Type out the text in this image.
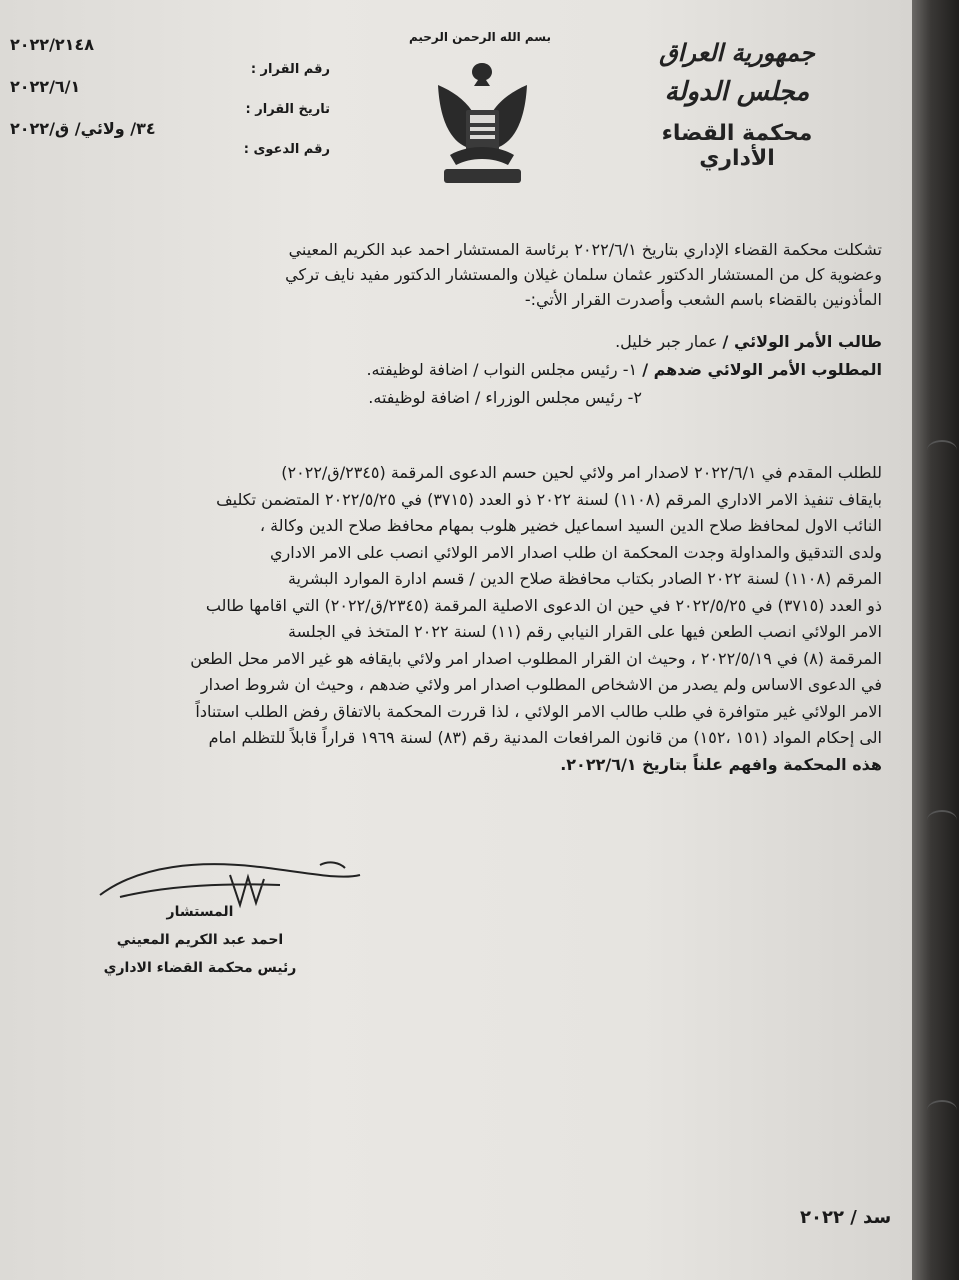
جمهورية العراق
مجلس الدولة
محكمة القضاء الأداري
بسم الله الرحمن الرحيم
رقم القرار :
تاريخ القرار :
رقم الدعوى :
٢٠٢٢/٢١٤٨
٢٠٢٢/٦/١
٣٤/ ولائي/ ق/٢٠٢٢
تشكلت محكمة القضاء الإداري بتاريخ ٢٠٢٢/٦/١ برئاسة المستشار احمد عبد الكريم المعيني
وعضوية كل من المستشار الدكتور عثمان سلمان غيلان والمستشار الدكتور مفيد نايف تركي
المأذونين بالقضاء باسم الشعب وأصدرت القرار الأتي:-
طالب الأمر الولائي / عمار جبر خليل.
المطلوب الأمر الولائي ضدهم / ١- رئيس مجلس النواب / اضافة لوظيفته.
٢- رئيس مجلس الوزراء / اضافة لوظيفته.
للطلب المقدم في ٢٠٢٢/٦/١ لاصدار امر ولائي لحين حسم الدعوى المرقمة (٢٣٤٥/ق/٢٠٢٢)
بايقاف تنفيذ الامر الاداري المرقم (١١٠٨) لسنة ٢٠٢٢ ذو العدد (٣٧١٥) في ٢٠٢٢/٥/٢٥ المتضمن تكليف
النائب الاول لمحافظ صلاح الدين السيد اسماعيل خضير هلوب بمهام محافظ صلاح الدين وكالة ،
ولدى التدقيق والمداولة وجدت المحكمة ان طلب اصدار الامر الولائي انصب على الامر الاداري
المرقم (١١٠٨) لسنة ٢٠٢٢ الصادر بكتاب محافظة صلاح الدين / قسم ادارة الموارد البشرية
ذو العدد (٣٧١٥) في ٢٠٢٢/٥/٢٥ في حين ان الدعوى الاصلية المرقمة (٢٣٤٥/ق/٢٠٢٢) التي اقامها طالب
الامر الولائي انصب الطعن فيها على القرار النيابي رقم (١١) لسنة ٢٠٢٢ المتخذ في الجلسة
المرقمة (٨) في ٢٠٢٢/٥/١٩ ، وحيث ان القرار المطلوب اصدار امر ولائي بايقافه هو غير الامر محل الطعن
في الدعوى الاساس ولم يصدر من الاشخاص المطلوب اصدار امر ولائي ضدهم ، وحيث ان شروط اصدار
الامر الولائي غير متوافرة في طلب طالب الامر الولائي ، لذا قررت المحكمة بالاتفاق رفض الطلب استناداً
الى إحكام المواد (١٥١ ،١٥٢) من قانون المرافعات المدنية رقم (٨٣) لسنة ١٩٦٩ قراراً قابلاً للتظلم امام
هذه المحكمة وافهم علناً بتاريخ ٢٠٢٢/٦/١.
المستشار
احمد عبد الكريم المعيني
رئيس محكمة القضاء الاداري
سد / ٢٠٢٢
